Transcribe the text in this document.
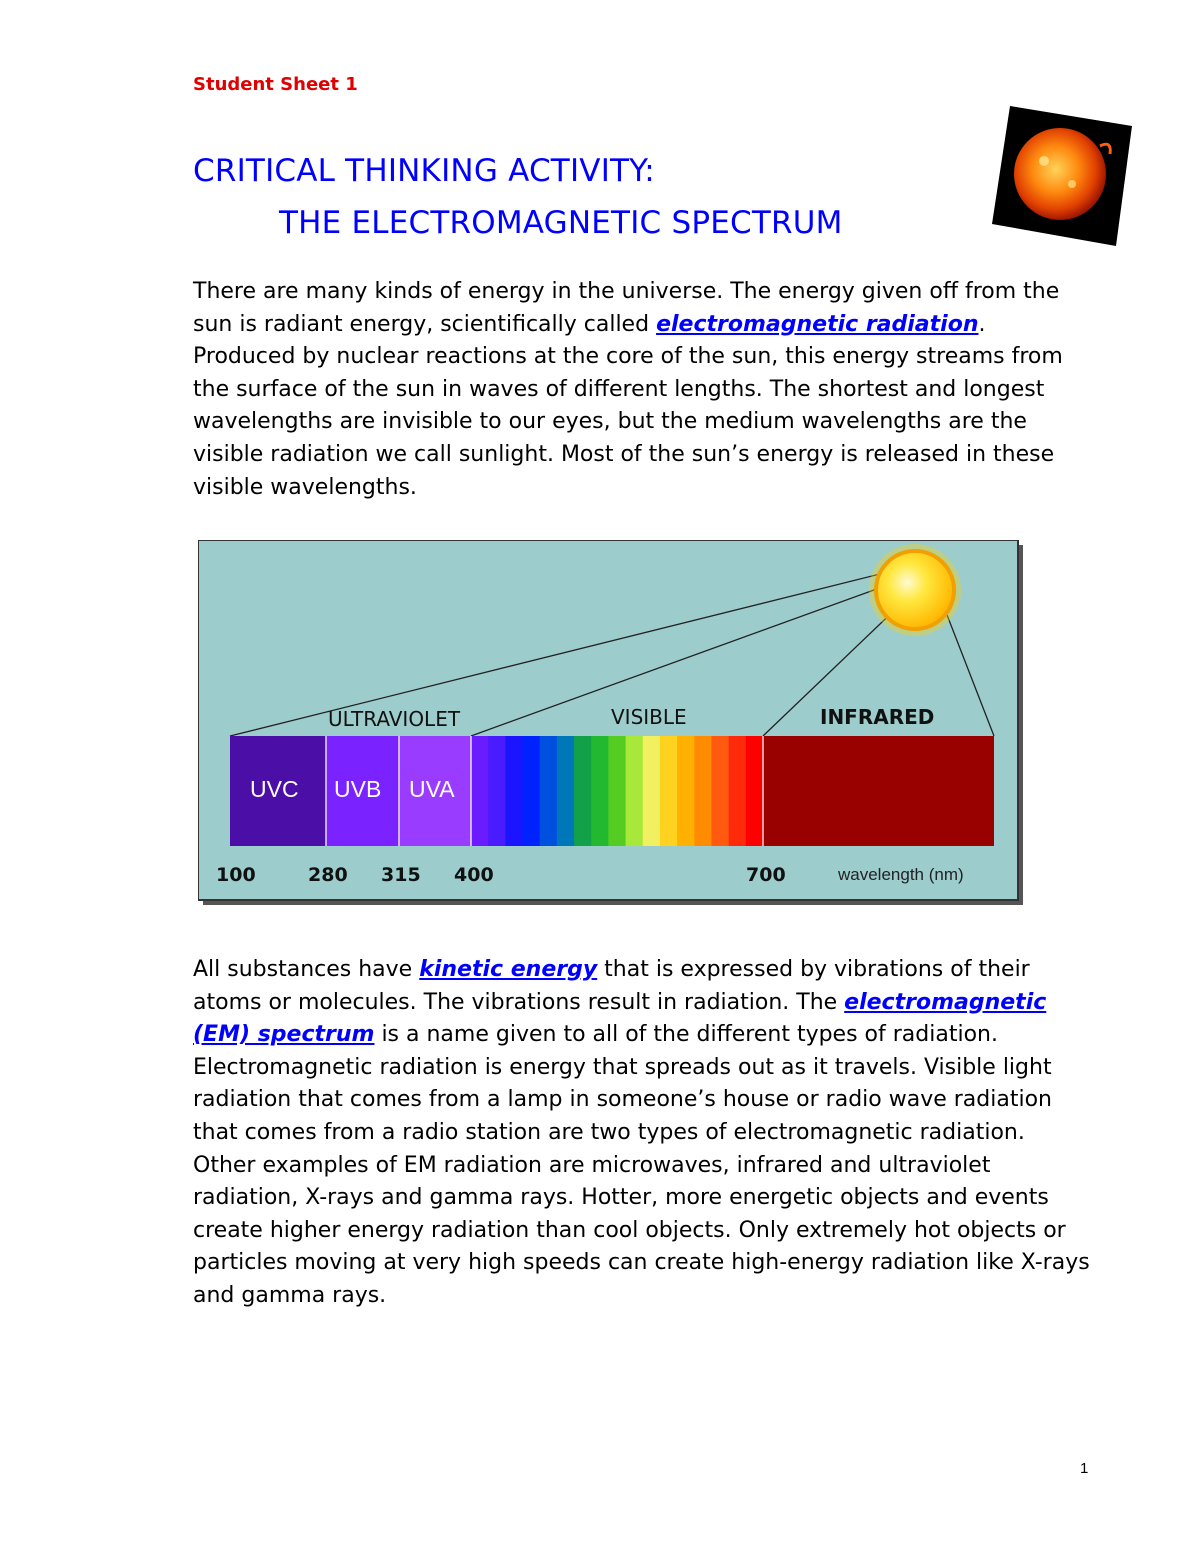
Student Sheet 1
CRITICAL THINKING ACTIVITY:
THE ELECTROMAGNETIC SPECTRUM
There are many kinds of energy in the universe. The energy given off from the sun is radiant energy, scientifically called electromagnetic radiation. Produced by nuclear reactions at the core of the sun, this energy streams from the surface of the sun in waves of different lengths. The shortest and longest wavelengths are invisible to our eyes, but the medium wavelengths are the visible radiation we call sunlight. Most of the sun’s energy is released in these visible wavelengths.
ULTRAVIOLET	VISIBLE	INFRARED
UVC UVB UVA
100	280 315 400	700	wavelength (nm)
All substances have kinetic energy that is expressed by vibrations of their atoms or molecules. The vibrations result in radiation. The electromagnetic (EM) spectrum is a name given to all of the different types of radiation. Electromagnetic radiation is energy that spreads out as it travels. Visible light radiation that comes from a lamp in someone’s house or radio wave radiation that comes from a radio station are two types of electromagnetic radiation. Other examples of EM radiation are microwaves, infrared and ultraviolet radiation, X-rays and gamma rays. Hotter, more energetic objects and events create higher energy radiation than cool objects. Only extremely hot objects or particles moving at very high speeds can create high-energy radiation like X-rays and gamma rays.
1
